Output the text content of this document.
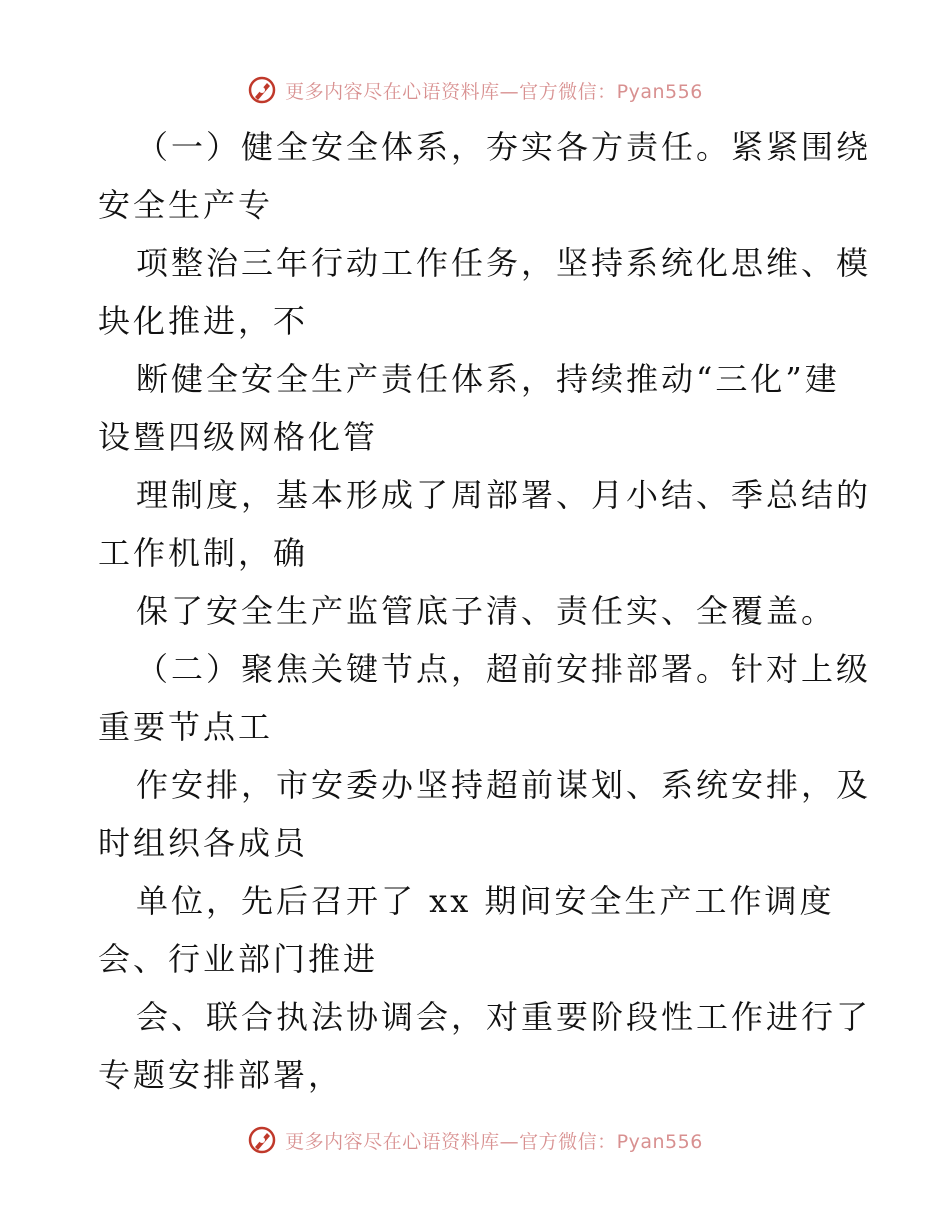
更多内容尽在心语资料库—官方微信：Pyan556

（一）健全安全体系，夯实各方责任。紧紧围绕

安全生产专

项整治三年行动工作任务，坚持系统化思维、模

块化推进，不

断健全安全生产责任体系，持续推动“三化”建

设暨四级网格化管

理制度，基本形成了周部署、月小结、季总结的

工作机制，确

保了安全生产监管底子清、责任实、全覆盖。

（二）聚焦关键节点，超前安排部署。针对上级

重要节点工

作安排，市安委办坚持超前谋划、系统安排，及

时组织各成员

单位，先后召开了 xx 期间安全生产工作调度

会、行业部门推进

会、联合执法协调会，对重要阶段性工作进行了

专题安排部署，

更多内容尽在心语资料库—官方微信：Pyan556
